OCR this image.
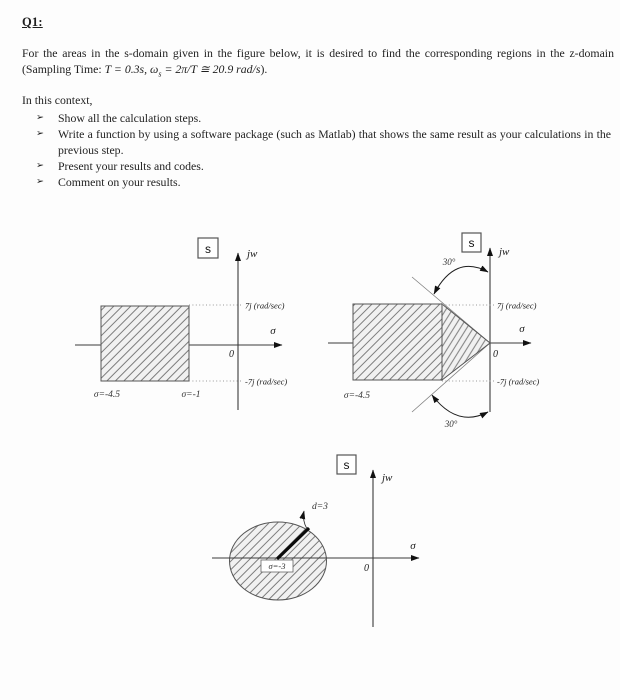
Q1:

For the areas in the s-domain given in the figure below, it is desired to find the corresponding regions in the z-domain (Sampling Time: T = 0.3s, $\omega_s = 2\pi/T$ ≅ 20.9 rad/s).

In this context,

➢	Show all the calculation steps.
➢	Write a function by using a software package (such as Matlab) that shows the same result as your calculations in the previous step.
➢	Present your results and codes.
➢	Comment on your results.
s	jw
σ
0
7j (rad/sec)
-7j (rad/sec)
σ=-4.5	σ=-1
s
jw
σ
0
7j (rad/sec)
-7j (rad/sec)
30°
30°
σ=-4.5
σ=-3
s
jw
σ
0
d=3
